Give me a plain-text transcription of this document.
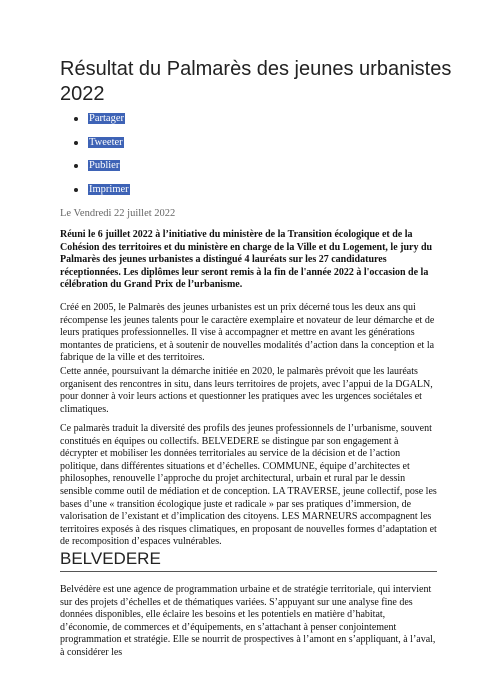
Résultat du Palmarès des jeunes urbanistes 2022
Partager
Tweeter
Publier
Imprimer
Le Vendredi 22 juillet 2022

Réuni le 6 juillet 2022 à l’initiative du ministère de la Transition écologique et de la Cohésion des territoires et du ministère en charge de la Ville et du Logement, le jury du Palmarès des jeunes urbanistes a distingué 4 lauréats sur les 27 candidatures réceptionnées. Les diplômes leur seront remis à la fin de l'année 2022 à l'occasion de la célébration du Grand Prix de l’urbanisme.

Créé en 2005, le Palmarès des jeunes urbanistes est un prix décerné tous les deux ans qui récompense les jeunes talents pour le caractère exemplaire et novateur de leur démarche et de leurs pratiques professionnelles. Il vise à accompagner et mettre en avant les générations montantes de praticiens, et à soutenir de nouvelles modalités d’action dans la conception et la fabrique de la ville et des territoires.

Cette année, poursuivant la démarche initiée en 2020, le palmarès prévoit que les lauréats organisent des rencontres in situ, dans leurs territoires de projets, avec l’appui de la DGALN, pour donner à voir leurs actions et questionner les pratiques avec les urgences sociétales et climatiques.

Ce palmarès traduit la diversité des profils des jeunes professionnels de l’urbanisme, souvent constitués en équipes ou collectifs. BELVEDERE se distingue par son engagement à décrypter et mobiliser les données territoriales au service de la décision et de l’action politique, dans différentes situations et d’échelles. COMMUNE, équipe d’architectes et philosophes, renouvelle l’approche du projet architectural, urbain et rural par le dessin sensible comme outil de médiation et de conception. LA TRAVERSE, jeune collectif, pose les bases d’une « transition écologique juste et radicale » par ses pratiques d’immersion, de valorisation de l’existant et d’implication des citoyens. LES MARNEURS accompagnent les territoires exposés à des risques climatiques, en proposant de nouvelles formes d’adaptation et de recomposition d’espaces vulnérables.

BELVEDERE

Belvédère est une agence de programmation urbaine et de stratégie territoriale, qui intervient sur des projets d’échelles et de thématiques variées. S’appuyant sur une analyse fine des données disponibles, elle éclaire les besoins et les potentiels en matière d’habitat, d’économie, de commerces et d’équipements, en s’attachant à penser conjointement programmation et stratégie. Elle se nourrit de prospectives à l’amont en s’appliquant, à l’aval, à considérer les
